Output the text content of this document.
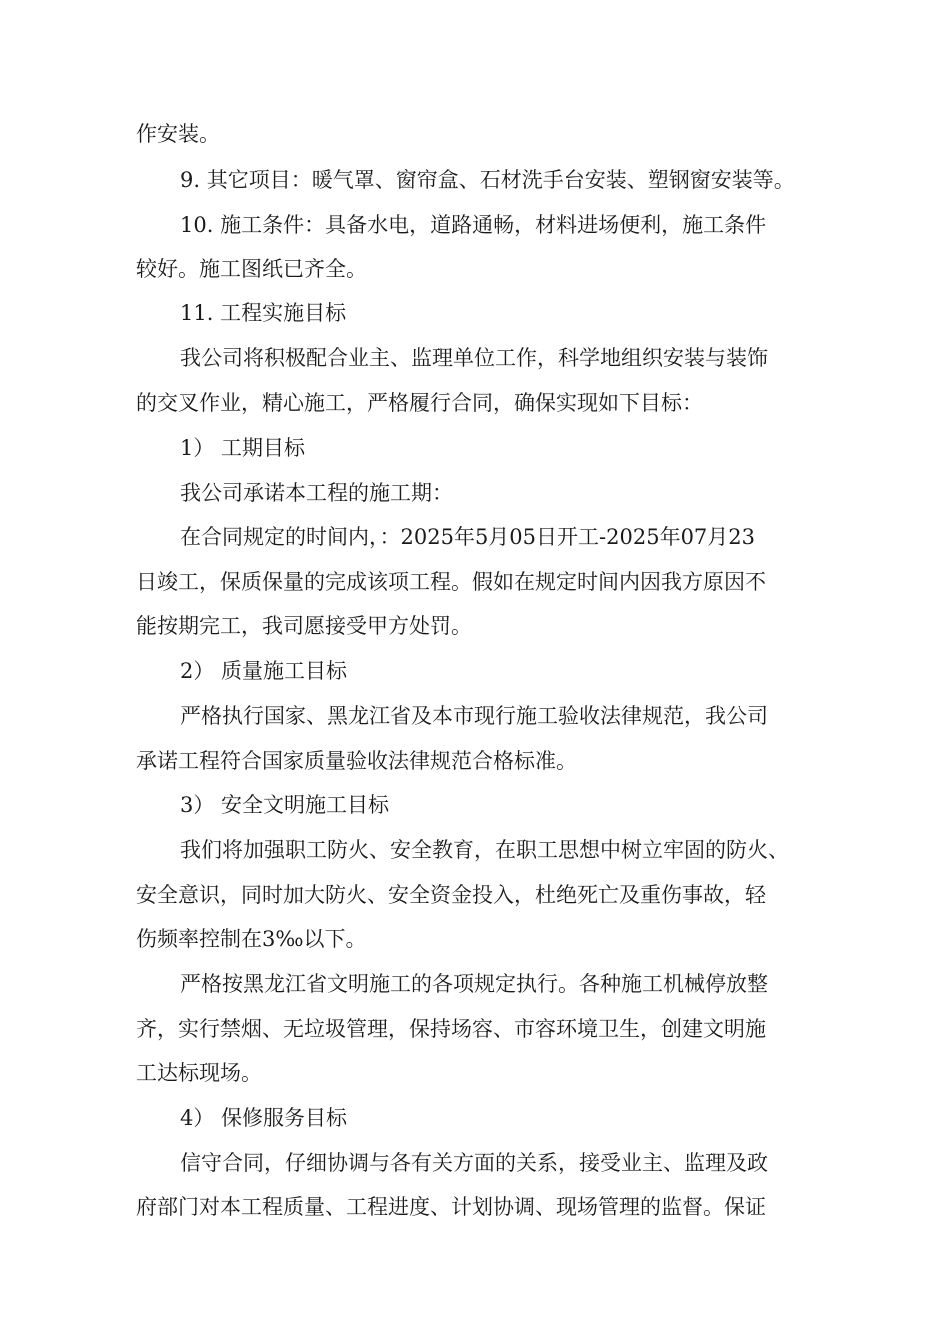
作安装。
9. 其它项目：暖气罩、窗帘盒、石材洗手台安装、塑钢窗安装等。
10. 施工条件：具备水电，道路通畅，材料进场便利，施工条件
较好。施工图纸已齐全。
11. 工程实施目标
我公司将积极配合业主、监理单位工作，科学地组织安装与装饰
的交叉作业，精心施工，严格履行合同，确保实现如下目标：
1） 工期目标
我公司承诺本工程的施工期：
在合同规定的时间内，：2025年5月05日开工-2025年07月23
日竣工，保质保量的完成该项工程。假如在规定时间内因我方原因不
能按期完工，我司愿接受甲方处罚。
2） 质量施工目标
严格执行国家、黑龙江省及本市现行施工验收法律规范，我公司
承诺工程符合国家质量验收法律规范合格标准。
3） 安全文明施工目标
我们将加强职工防火、安全教育，在职工思想中树立牢固的防火、
安全意识，同时加大防火、安全资金投入，杜绝死亡及重伤事故，轻
伤频率控制在3‰以下。
严格按黑龙江省文明施工的各项规定执行。各种施工机械停放整
齐，实行禁烟、无垃圾管理，保持场容、市容环境卫生，创建文明施
工达标现场。
4） 保修服务目标
信守合同，仔细协调与各有关方面的关系，接受业主、监理及政
府部门对本工程质量、工程进度、计划协调、现场管理的监督。保证
